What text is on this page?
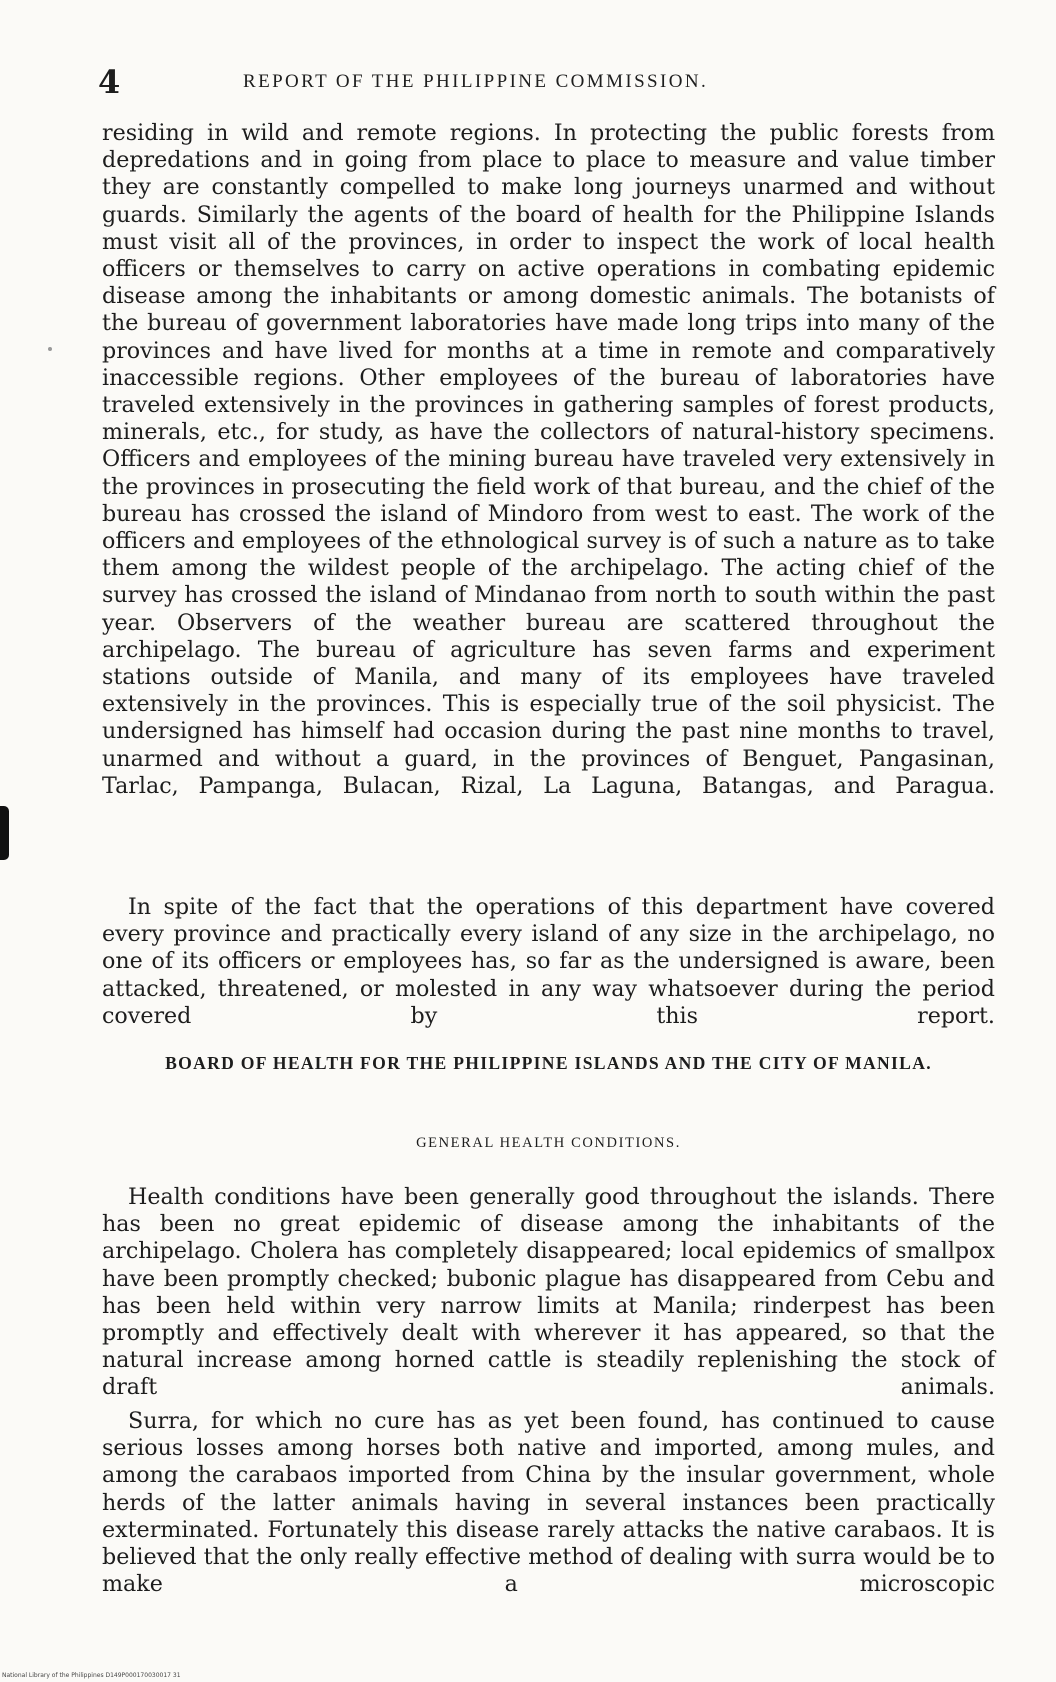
4	REPORT OF THE PHILIPPINE COMMISSION.

residing in wild and remote regions. In protecting the public forests from depredations and in going from place to place to measure and value timber they are constantly compelled to make long journeys unarmed and without guards. Similarly the agents of the board of health for the Philippine Islands must visit all of the provinces, in order to inspect the work of local health officers or themselves to carry on active operations in combating epidemic disease among the inhabitants or among domestic animals. The botanists of the bureau of government laboratories have made long trips into many of the provinces and have lived for months at a time in remote and comparatively inaccessible regions. Other employees of the bureau of laboratories have traveled extensively in the provinces in gathering samples of forest products, minerals, etc., for study, as have the collectors of natural-history specimens. Officers and employees of the mining bureau have traveled very extensively in the provinces in prosecuting the field work of that bureau, and the chief of the bureau has crossed the island of Mindoro from west to east. The work of the officers and employees of the ethnological survey is of such a nature as to take them among the wildest people of the archipelago. The acting chief of the survey has crossed the island of Mindanao from north to south within the past year. Observers of the weather bureau are scattered throughout the archipelago. The bureau of agriculture has seven farms and experiment stations outside of Manila, and many of its employees have traveled extensively in the provinces. This is especially true of the soil physicist. The undersigned has himself had occasion during the past nine months to travel, unarmed and without a guard, in the provinces of Benguet, Pangasinan, Tarlac, Pampanga, Bulacan, Rizal, La Laguna, Batangas, and Paragua.

In spite of the fact that the operations of this department have covered every province and practically every island of any size in the archipelago, no one of its officers or employees has, so far as the undersigned is aware, been attacked, threatened, or molested in any way whatsoever during the period covered by this report.

BOARD OF HEALTH FOR THE PHILIPPINE ISLANDS AND THE CITY OF MANILA.
GENERAL HEALTH CONDITIONS.

Health conditions have been generally good throughout the islands. There has been no great epidemic of disease among the inhabitants of the archipelago. Cholera has completely disappeared; local epidemics of smallpox have been promptly checked; bubonic plague has disappeared from Cebu and has been held within very narrow limits at Manila; rinderpest has been promptly and effectively dealt with wherever it has appeared, so that the natural increase among horned cattle is steadily replenishing the stock of draft animals.

Surra, for which no cure has as yet been found, has continued to cause serious losses among horses both native and imported, among mules, and among the carabaos imported from China by the insular government, whole herds of the latter animals having in several instances been practically exterminated. Fortunately this disease rarely attacks the native carabaos. It is believed that the only really effective method of dealing with surra would be to make a microscopic

National Library of the Philippines D149P000170030017 31
